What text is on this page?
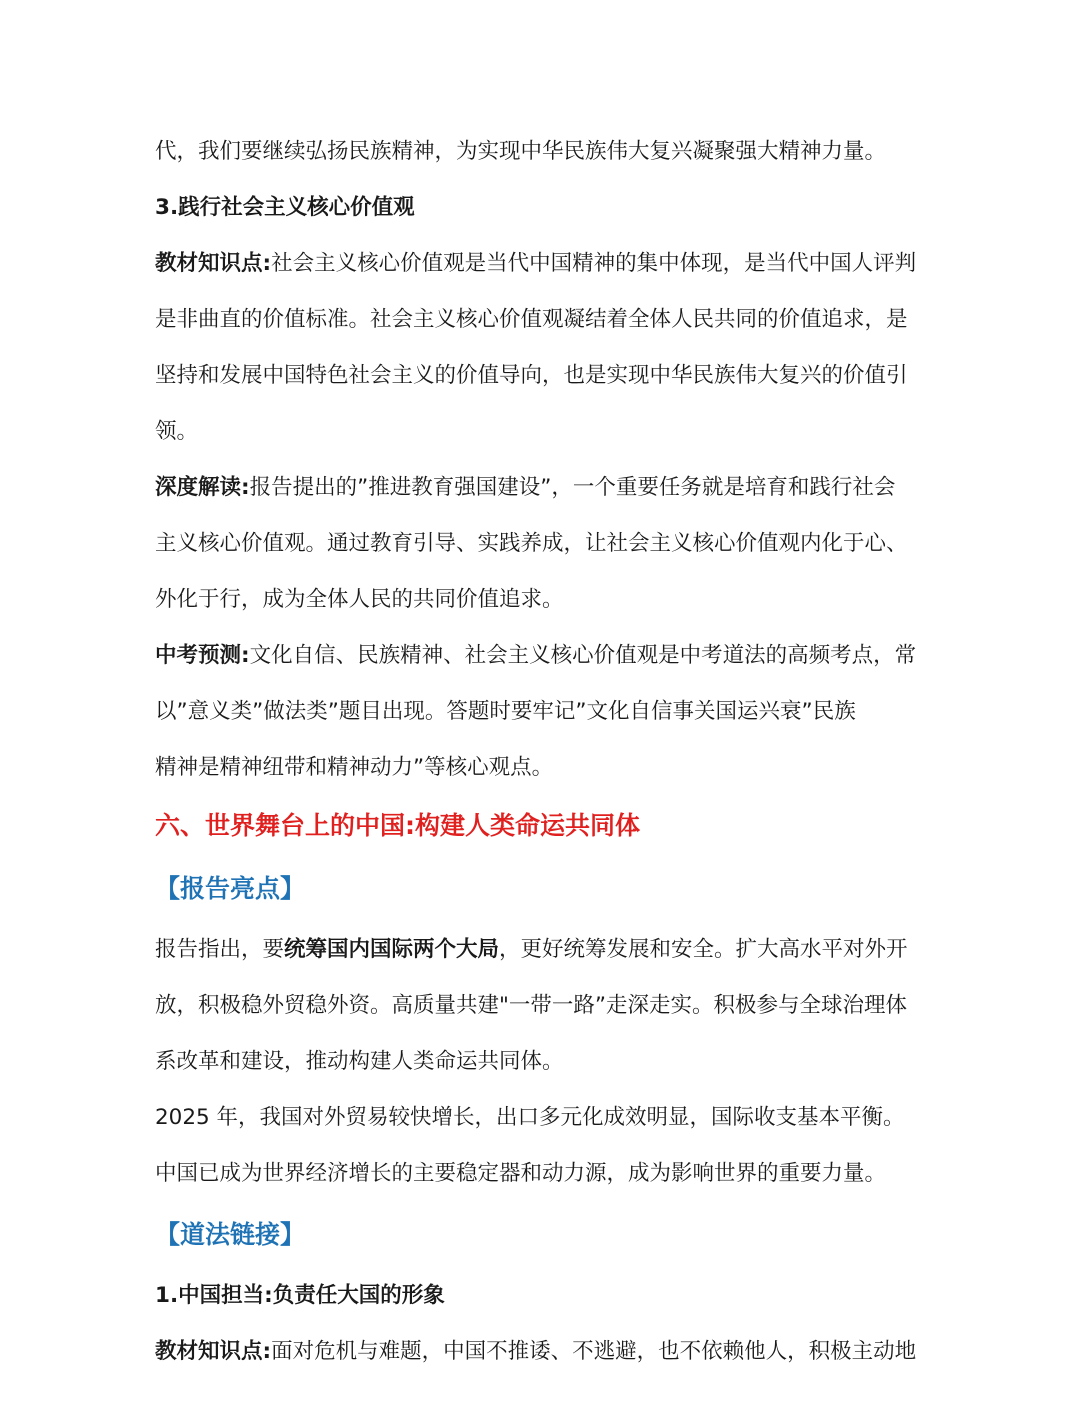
代，我们要继续弘扬民族精神，为实现中华民族伟大复兴凝聚强大精神力量。

3.践行社会主义核心价值观

教材知识点:社会主义核心价值观是当代中国精神的集中体现，是当代中国人评判

是非曲直的价值标准。社会主义核心价值观凝结着全体人民共同的价值追求，是

坚持和发展中国特色社会主义的价值导向，也是实现中华民族伟大复兴的价值引

领。

深度解读:报告提出的”推进教育强国建设”，一个重要任务就是培育和践行社会

主义核心价值观。通过教育引导、实践养成，让社会主义核心价值观内化于心、

外化于行，成为全体人民的共同价值追求。

中考预测:文化自信、民族精神、社会主义核心价值观是中考道法的高频考点，常

以”意义类”做法类”题目出现。答题时要牢记”文化自信事关国运兴衰”民族

精神是精神纽带和精神动力”等核心观点。

六、世界舞台上的中国:构建人类命运共同体

【报告亮点】

报告指出，要统筹国内国际两个大局，更好统筹发展和安全。扩大高水平对外开

放，积极稳外贸稳外资。高质量共建"一带一路”走深走实。积极参与全球治理体

系改革和建设，推动构建人类命运共同体。

2025 年，我国对外贸易较快增长，出口多元化成效明显，国际收支基本平衡。

中国已成为世界经济增长的主要稳定器和动力源，成为影响世界的重要力量。

【道法链接】

1.中国担当:负责任大国的形象

教材知识点:面对危机与难题，中国不推诿、不逃避，也不依赖他人，积极主动地
